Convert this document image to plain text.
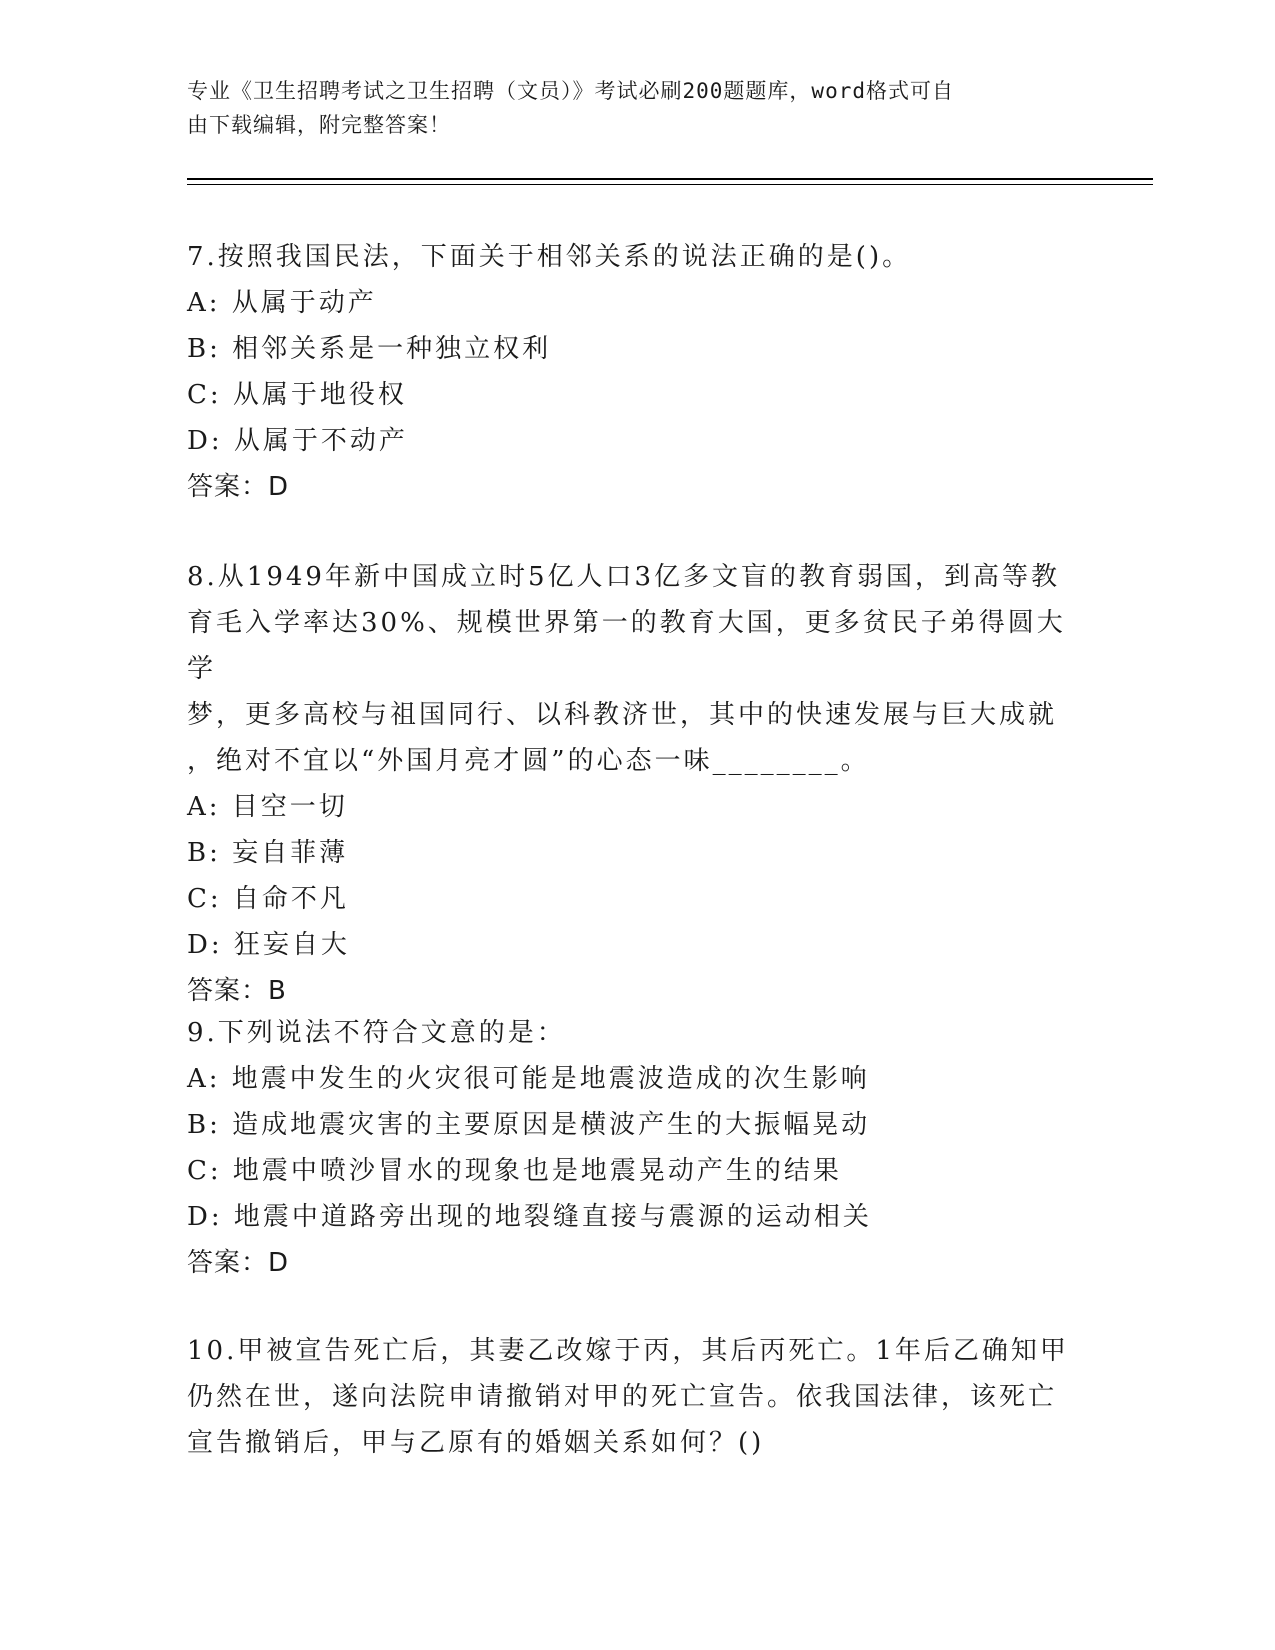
专业《卫生招聘考试之卫生招聘（文员）》考试必刷200题题库，word格式可自
由下载编辑，附完整答案！
7.按照我国民法，下面关于相邻关系的说法正确的是()。
A: 从属于动产
B: 相邻关系是一种独立权利
C: 从属于地役权
D: 从属于不动产
答案：D
8.从1949年新中国成立时5亿人口3亿多文盲的教育弱国，到高等教
育毛入学率达30%、规模世界第一的教育大国，更多贫民子弟得圆大学
梦，更多高校与祖国同行、以科教济世，其中的快速发展与巨大成就
，绝对不宜以“外国月亮才圆”的心态一味________。
A: 目空一切
B: 妄自菲薄
C: 自命不凡
D: 狂妄自大
答案：B
9.下列说法不符合文意的是：
A: 地震中发生的火灾很可能是地震波造成的次生影响
B: 造成地震灾害的主要原因是横波产生的大振幅晃动
C: 地震中喷沙冒水的现象也是地震晃动产生的结果
D: 地震中道路旁出现的地裂缝直接与震源的运动相关
答案：D
10.甲被宣告死亡后，其妻乙改嫁于丙，其后丙死亡。1年后乙确知甲
仍然在世，遂向法院申请撤销对甲的死亡宣告。依我国法律，该死亡
宣告撤销后，甲与乙原有的婚姻关系如何？()
